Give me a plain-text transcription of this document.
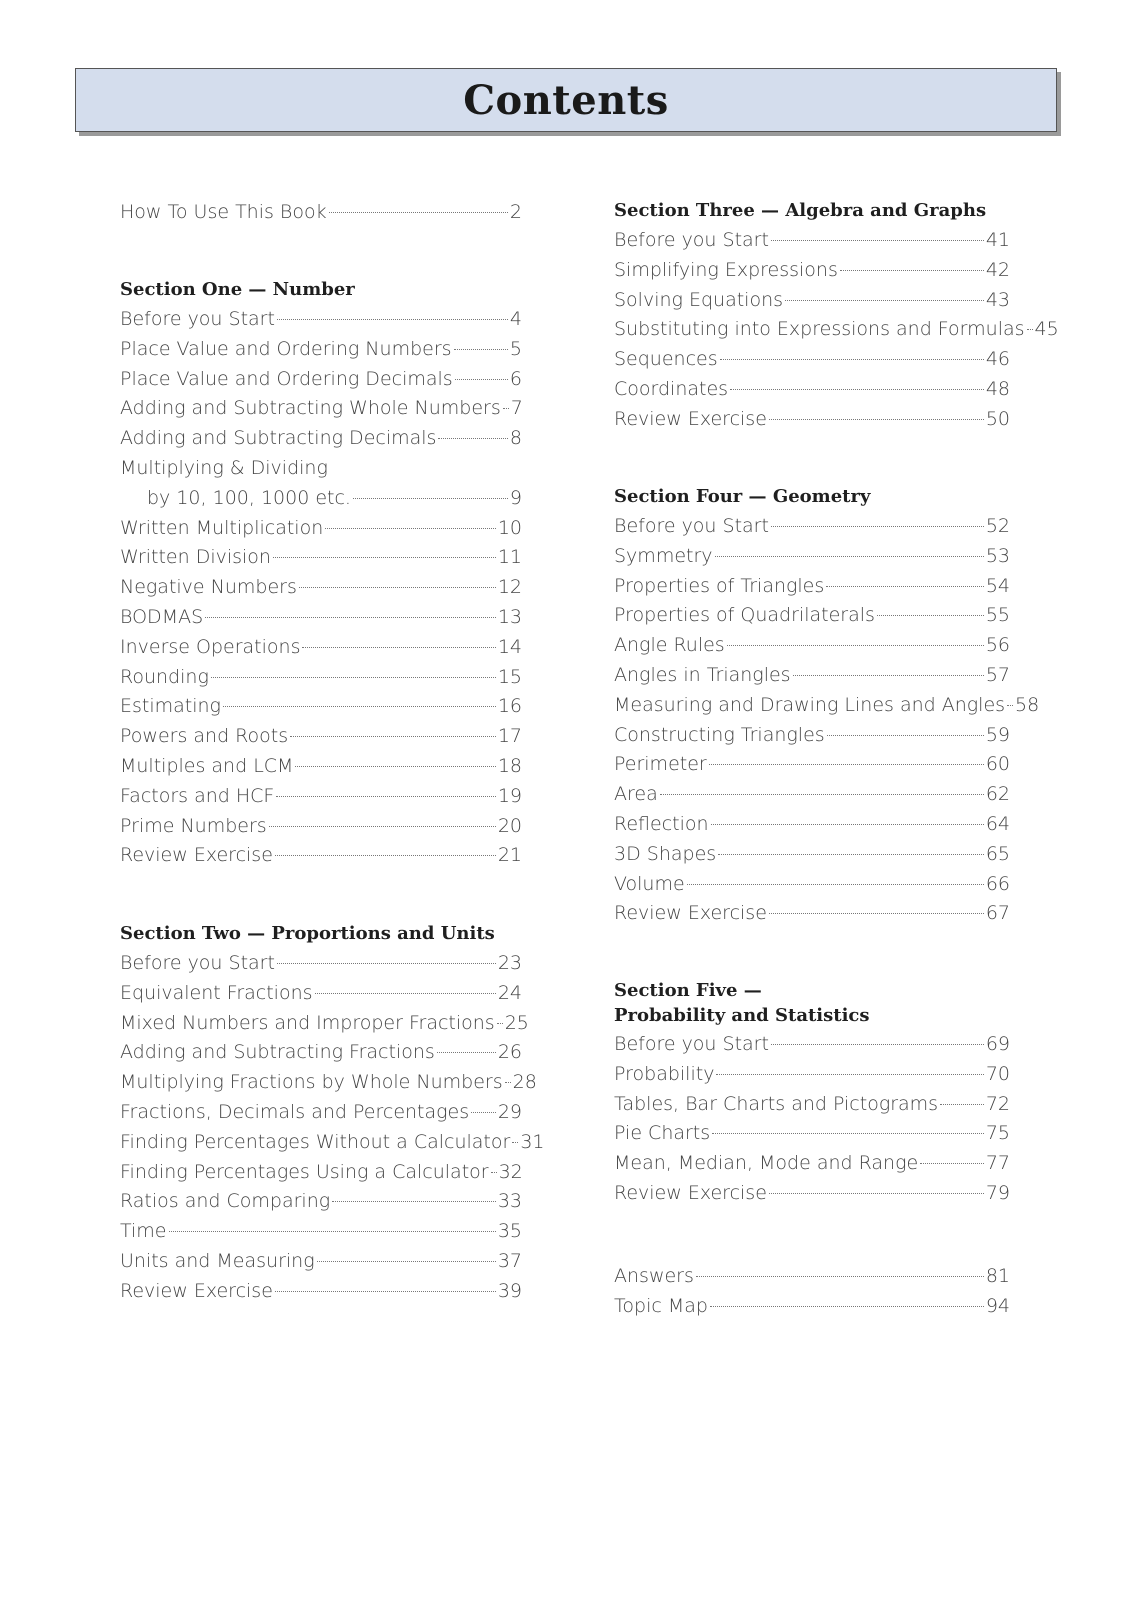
Contents
How To Use This Book	2
Section One — Number
Before you Start	4
Place Value and Ordering Numbers	5
Place Value and Ordering Decimals	6
Adding and Subtracting Whole Numbers 7
Adding and Subtracting Decimals	8
Multiplying & Dividing
by 10, 100, 1000 etc.	9
Written Multiplication	10
Written Division	11
Negative Numbers	12
BODMAS	13
Inverse Operations	14
Rounding	15
Estimating	16
Powers and Roots	17
Multiples and LCM	18
Factors and HCF	19
Prime Numbers	20
Review Exercise	21
Section Two — Proportions and Units
Before you Start	23
Equivalent Fractions	24
Mixed Numbers and Improper Fractions 25
Adding and Subtracting Fractions	26
Multiplying Fractions by Whole Numbers 28
Fractions, Decimals and Percentages 29
Finding Percentages Without a Calculator 31
Finding Percentages Using a Calculator 32
Ratios and Comparing	33
Time	35
Units and Measuring	37
Review Exercise	39
Section Three — Algebra and Graphs
Before you Start	41
Simplifying Expressions	42
Solving Equations	43
Substituting into Expressions and Formulas 45
Sequences	46
Coordinates	48
Review Exercise	50
Section Four — Geometry
Before you Start	52
Symmetry	53
Properties of Triangles	54
Properties of Quadrilaterals	55
Angle Rules	56
Angles in Triangles	57
Measuring and Drawing Lines and Angles 58
Constructing Triangles	59
Perimeter	60
Area	62
Reflection	64
3D Shapes	65
Volume	66
Review Exercise	67
Section Five —
Probability and Statistics
Before you Start	69
Probability	70
Tables, Bar Charts and Pictograms	72
Pie Charts	75
Mean, Median, Mode and Range	77
Review Exercise	79
Answers	81
Topic Map	94
